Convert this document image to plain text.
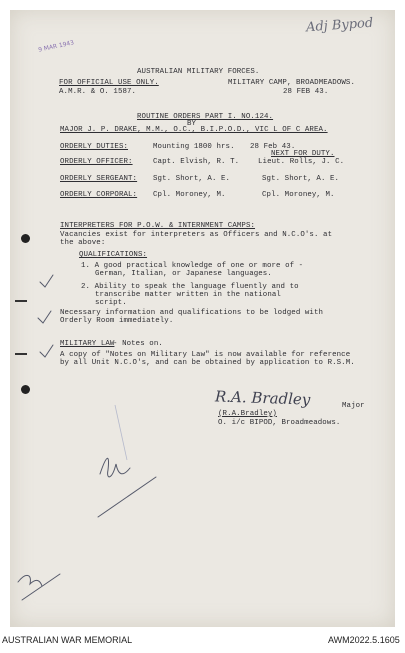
9 MAR 1943
Adj Bypod
AUSTRALIAN MILITARY FORCES.
FOR OFFICIAL USE ONLY.	MILITARY CAMP, BROADMEADOWS.
A.M.R. & O. 1587.	28 FEB 43.
ROUTINE ORDERS PART I. NO.124.
BY
MAJOR J. P. DRAKE, M.M., O.C., B.I.P.O.D., VIC L OF C AREA.
ORDERLY DUTIES:	Mounting 1800 hrs. 28 Feb 43.
NEXT FOR DUTY.
ORDERLY OFFICER:	Capt. Elvish, R. T.	Lieut. Rolls, J. C.
ORDERLY SERGEANT: Sgt. Short, A. E.	Sgt. Short, A. E.
ORDERLY CORPORAL: Cpl. Moroney, M.	Cpl. Moroney, M.
INTERPRETERS FOR P.O.W. & INTERNMENT CAMPS:
Vacancies exist for interpreters as Officers and N.C.O's. at
the above:
QUALIFICATIONS:
1. A good practical knowledge of one or more of -
German, Italian, or Japanese languages.
2. Ability to speak the language fluently and to
transcribe matter written in the national
script.
Necessary information and qualifications to be lodged with
Orderly Room immediately.
MILITARY LAW
- Notes on.
A copy of "Notes on Military Law" is now available for reference
by all Unit N.C.O's, and can be obtained by application to R.S.M.
R.A. Bradley	Major
(R.A.Bradley)
O. i/c BIPOD, Broadmeadows.
AUSTRALIAN WAR MEMORIAL	AWM2022.5.1605
